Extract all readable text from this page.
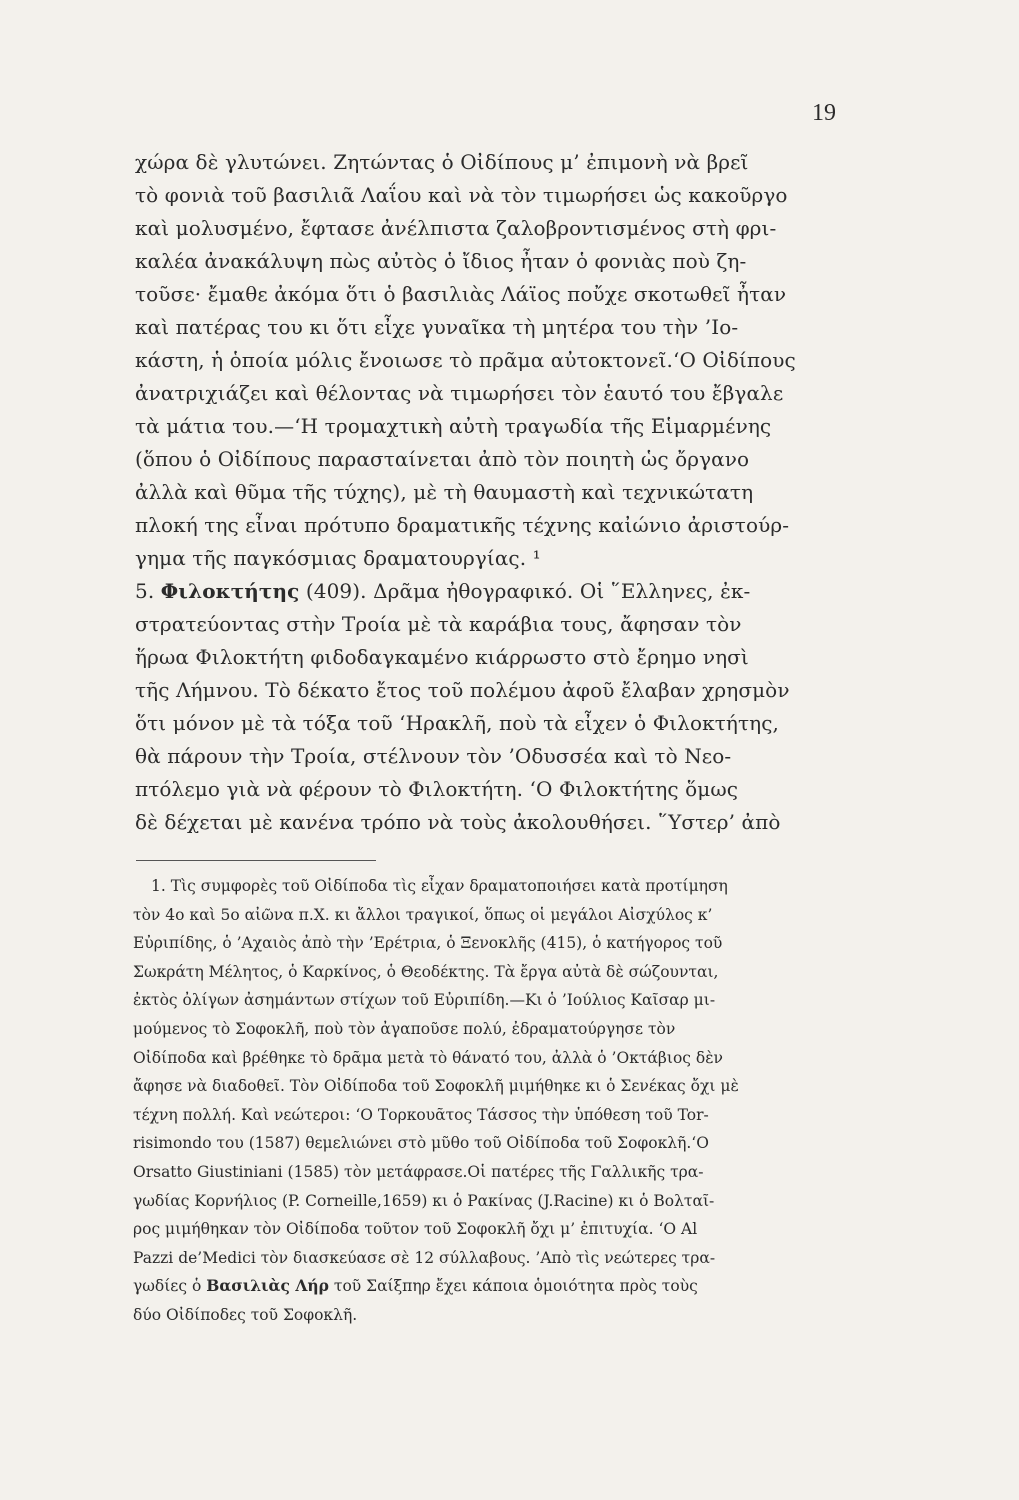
19
χώρα δὲ γλυτώνει. Ζητώντας ὁ Οἰδίπους μ’ ἐπιμονὴ νὰ βρεῖ
τὸ φονιὰ τοῦ βασιλιᾶ Λαΐου καὶ νὰ τὸν τιμωρήσει ὡς κακοῦργο
καὶ μολυσμένο, ἔφτασε ἀνέλπιστα ζαλοβροντισμένος στὴ φρι-
καλέα ἀνακάλυψη πὼς αὐτὸς ὁ ἴδιος ἦταν ὁ φονιὰς ποὺ ζη-
τοῦσε· ἔμαθε ἀκόμα ὅτι ὁ βασιλιὰς Λάϊος ποὔχε σκοτωθεῖ ἦταν
καὶ πατέρας του κι ὅτι εἶχε γυναῖκα τὴ μητέρα του τὴν ’Ιο-
κάστη, ἡ ὁποία μόλις ἔνοιωσε τὸ πρᾶμα αὐτοκτονεῖ.‘Ο Οἰδίπους
ἀνατριχιάζει καὶ θέλοντας νὰ τιμωρήσει τὸν ἑαυτό του ἔβγαλε
τὰ μάτια του.—‘Η τρομαχτικὴ αὐτὴ τραγωδία τῆς Εἱμαρμένης
(ὅπου ὁ Οἰδίπους παρασταίνεται ἀπὸ τὸν ποιητὴ ὡς ὄργανο
ἀλλὰ καὶ θῦμα τῆς τύχης), μὲ τὴ θαυμαστὴ καὶ τεχνικώτατη
πλοκή της εἶναι πρότυπο δραματικῆς τέχνης καἰώνιο ἀριστούρ-
γημα τῆς παγκόσμιας δραματουργίας. ¹
5. Φιλοκτήτης (409). Δρᾶμα ἠθογραφικό. Οἱ ῞Ελληνες, ἐκ-
στρατεύοντας στὴν Τροία μὲ τὰ καράβια τους, ἄφησαν τὸν
ἥρωα Φιλοκτήτη φιδοδαγκαμένο κιάρρωστο στὸ ἔρημο νησὶ
τῆς Λήμνου. Τὸ δέκατο ἔτος τοῦ πολέμου ἀφοῦ ἔλαβαν χρησμὸν
ὅτι μόνον μὲ τὰ τόξα τοῦ ‘Ηρακλῆ, ποὺ τὰ εἶχεν ὁ Φιλοκτήτης,
θὰ πάρουν τὴν Τροία, στέλνουν τὸν ’Οδυσσέα καὶ τὸ Νεο-
πτόλεμο γιὰ νὰ φέρουν τὸ Φιλοκτήτη. ‘Ο Φιλοκτήτης ὅμως
δὲ δέχεται μὲ κανένα τρόπο νὰ τοὺς ἀκολουθήσει. ῞Υστερ’ ἀπὸ
1. Τὶς συμφορὲς τοῦ Οἰδίποδα τὶς εἶχαν δραματοποιήσει κατὰ προτίμηση
τὸν 4ο καὶ 5ο αἰῶνα π.Χ. κι ἄλλοι τραγικοί, ὅπως οἱ μεγάλοι Αἰσχύλος κ’
Εὐριπίδης, ὁ ’Αχαιὸς ἀπὸ τὴν ’Ερέτρια, ὁ Ξενοκλῆς (415), ὁ κατήγορος τοῦ
Σωκράτη Μέλητος, ὁ Καρκίνος, ὁ Θεοδέκτης. Τὰ ἔργα αὐτὰ δὲ σώζουνται,
ἐκτὸς ὀλίγων ἀσημάντων στίχων τοῦ Εὐριπίδη.—Κι ὁ ’Ιούλιος Καῖσαρ μι-
μούμενος τὸ Σοφοκλῆ, ποὺ τὸν ἀγαποῦσε πολύ, ἐδραματούργησε τὸν
Οἰδίποδα καὶ βρέθηκε τὸ δρᾶμα μετὰ τὸ θάνατό του, ἀλλὰ ὁ ’Οκτάβιος δὲν
ἄφησε νὰ διαδοθεῖ. Τὸν Οἰδίποδα τοῦ Σοφοκλῆ μιμήθηκε κι ὁ Σενέκας ὄχι μὲ
τέχνη πολλή. Καὶ νεώτεροι: ‘Ο Τορκουᾶτος Τάσσος τὴν ὑπόθεση τοῦ Tor-
risimondo του (1587) θεμελιώνει στὸ μῦθο τοῦ Οἰδίποδα τοῦ Σοφοκλῆ.‘Ο
Orsatto Giustiniani (1585) τὸν μετάφρασε.Οἱ πατέρες τῆς Γαλλικῆς τρα-
γωδίας Κορνήλιος (P. Corneille,1659) κι ὁ Ρακίνας (J.Racine) κι ὁ Βολταῖ-
ρος μιμήθηκαν τὸν Οἰδίποδα τοῦτον τοῦ Σοφοκλῆ ὄχι μ’ ἐπιτυχία. ‘Ο Al
Pazzi de’Medici τὸν διασκεύασε σὲ 12 σύλλαβους. ’Απὸ τὶς νεώτερες τρα-
γωδίες ὁ Βασιλιὰς Λήρ τοῦ Σαίξπηρ ἔχει κάποια ὁμοιότητα πρὸς τοὺς
δύο Οἰδίποδες τοῦ Σοφοκλῆ.
